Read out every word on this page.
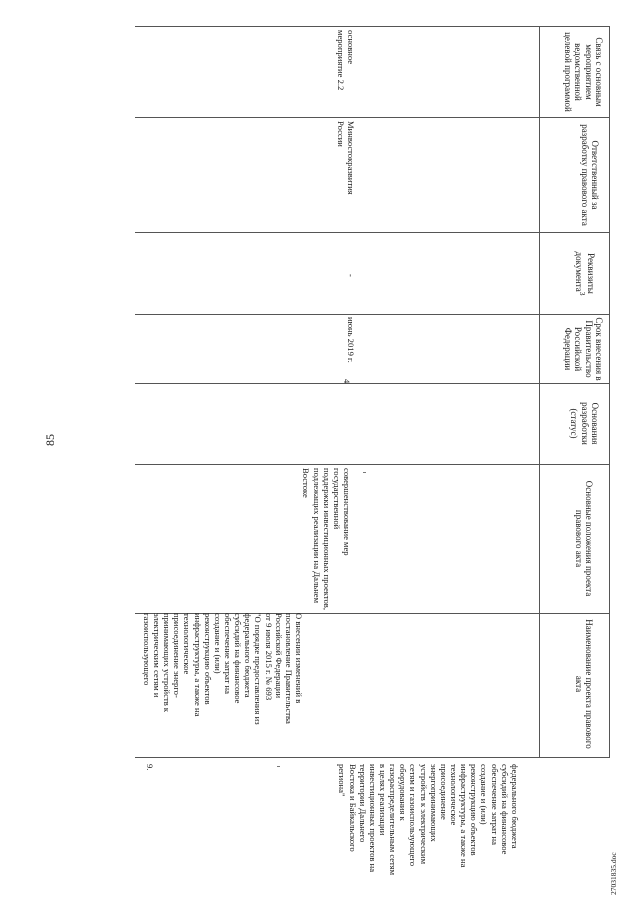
85
27031835.doc
Связь с основным мероприятием ведомственной целевой программой
Ответственный за разработку правового акта
Реквизиты документа$^3$
Основания разработки (статус)
Срок внесения в Правительство Российской Федерации
Основные положения проекта правового акта
Наименование проекта правового акта

федерального бюджета
субсидий на финансовое
обеспечение затрат на
создание и (или)
реконструкцию объектов
инфраструктуры, а также на
технологическое
присоединение
энергопринимающих
устройств к электрическим
сетям и газоиспользующего
оборудования к
газораспределительным сетям
в целях реализации
инвестиционных проектов на
территории Дальнего
Востока и Байкальского
региона"

9.
О внесении изменений в
постановление Правительства
Российской Федерации
от 9 июля 2015 г. № 693
"О порядке предоставления из
федерального бюджета
субсидий на финансовое
обеспечение затрат на
создание и (или)
реконструкцию объектов
инфраструктуры, а также на
технологическое
присоединение энерго-
принимающих устройств к
электрическим сетям и
газоиспользующего
совершенствование мер государственной
поддержки инвестиционных проектов,
подлежащих реализации на Дальнем Востоке
июнь 2019 г.
4
-
Минвостокразвития
России
основное
мероприятие 2.2
